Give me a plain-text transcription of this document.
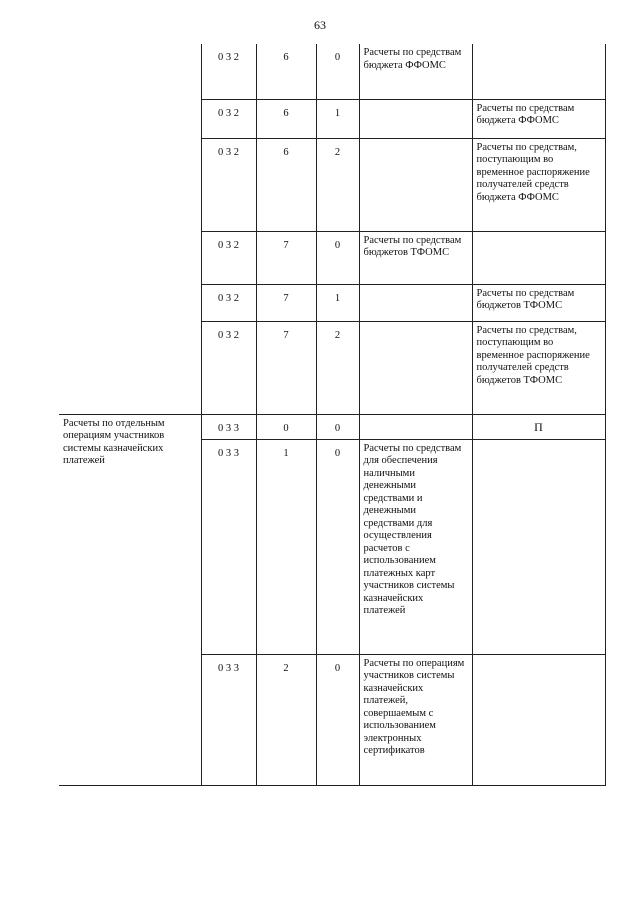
63
	0 3 2	6	0	Расчеты по средствам бюджета ФФОМС	
	0 3 2	6	1		Расчеты по средствам бюджета ФФОМС
	0 3 2	6	2		Расчеты по средствам, поступающим во временное распоряжение получателей средств бюджета ФФОМС
	0 3 2	7	0	Расчеты по средствам бюджетов ТФОМС	
	0 3 2	7	1		Расчеты по средствам бюджетов ТФОМС
	0 3 2	7	2		Расчеты по средствам, поступающим во временное распоряжение получателей средств бюджетов ТФОМС
Расчеты по отдельным операциям участников системы казначейских платежей	0 3 3	0	0		П
	0 3 3	1	0	Расчеты по средствам для обеспечения наличными денежными средствами и денежными средствами для осуществления расчетов с использованием платежных карт участников системы казначейских платежей	
	0 3 3	2	0	Расчеты по операциям участников системы казначейских платежей, совершаемым с использованием электронных сертификатов	
